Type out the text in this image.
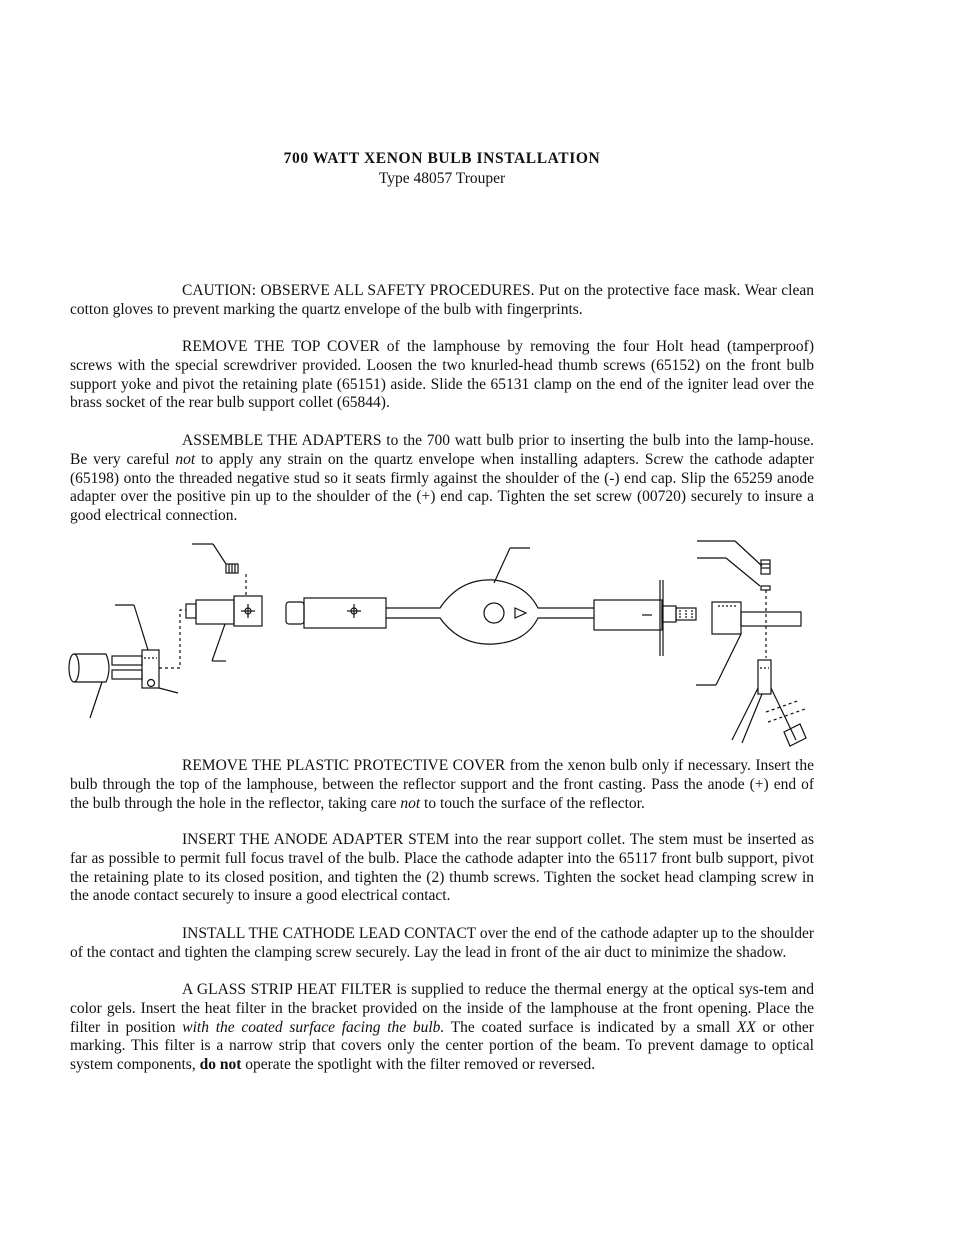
700 WATT XENON BULB INSTALLATION
Type 48057 Trouper
CAUTION: OBSERVE ALL SAFETY PROCEDURES. Put on the protective face mask. Wear clean cotton gloves to prevent marking the quartz envelope of the bulb with fingerprints.
REMOVE THE TOP COVER of the lamphouse by removing the four Holt head (tamperproof) screws with the special screwdriver provided. Loosen the two knurled-head thumb screws (65152) on the front bulb support yoke and pivot the retaining plate (65151) aside. Slide the 65131 clamp on the end of the igniter lead over the brass socket of the rear bulb support collet (65844).
ASSEMBLE THE ADAPTERS to the 700 watt bulb prior to inserting the bulb into the lamp-house. Be very careful not to apply any strain on the quartz envelope when installing adapters. Screw the cathode adapter (65198) onto the threaded negative stud so it seats firmly against the shoulder of the (-) end cap. Slip the 65259 anode adapter over the positive pin up to the shoulder of the (+) end cap. Tighten the set screw (00720) securely to insure a good electrical connection.
REMOVE THE PLASTIC PROTECTIVE COVER from the xenon bulb only if necessary. Insert the bulb through the top of the lamphouse, between the reflector support and the front casting. Pass the anode (+) end of the bulb through the hole in the reflector, taking care not to touch the surface of the reflector.
INSERT THE ANODE ADAPTER STEM into the rear support collet. The stem must be inserted as far as possible to permit full focus travel of the bulb. Place the cathode adapter into the 65117 front bulb support, pivot the retaining plate to its closed position, and tighten the (2) thumb screws. Tighten the socket head clamping screw in the anode contact securely to insure a good electrical contact.
INSTALL THE CATHODE LEAD CONTACT over the end of the cathode adapter up to the shoulder of the contact and tighten the clamping screw securely. Lay the lead in front of the air duct to minimize the shadow.
A GLASS STRIP HEAT FILTER is supplied to reduce the thermal energy at the optical sys-tem and color gels. Insert the heat filter in the bracket provided on the inside of the lamphouse at the front opening. Place the filter in position with the coated surface facing the bulb. The coated surface is indicated by a small XX or other marking. This filter is a narrow strip that covers only the center portion of the beam. To prevent damage to optical system components, do not operate the spotlight with the filter removed or reversed.
